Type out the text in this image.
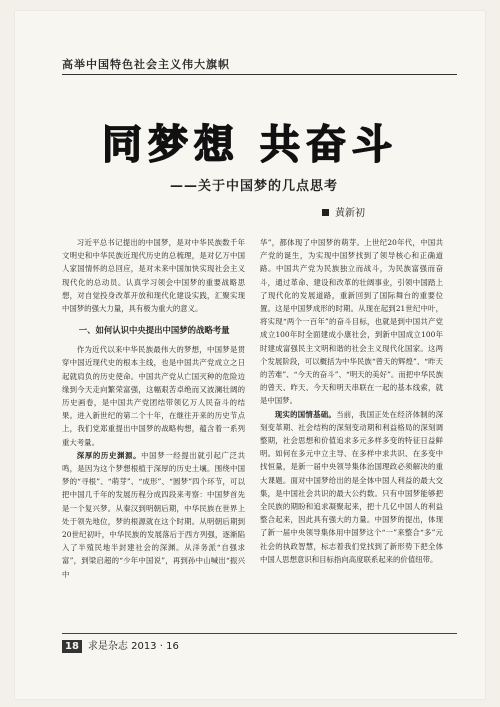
高举中国特色社会主义伟大旗帜
同梦想 共奋斗
——关于中国梦的几点思考
黄新初

习近平总书记提出的中国梦，是对中华民族数千年文明史和中华民族近现代历史的总梳理，是对亿万中国人家国情怀的总回应，是对未来中国加快实现社会主义现代化的总动员。认真学习领会中国梦的重要战略思想，对自觉投身改革开放和现代化建设实践，汇聚实现中国梦的强大力量，具有极为重大的意义。

一、如何认识中央提出中国梦的战略考量

作为近代以来中华民族最伟大的梦想，中国梦是贯穿中国近现代史的根本主线，也是中国共产党成立之日起就肩负的历史使命。中国共产党从亡国灭种的危险边缘到今天走向繁荣富强，这幅艰苦卓绝而又波澜壮阔的历史画卷，是中国共产党团结带领亿万人民奋斗的结果。进入新世纪的第二个十年，在继往开来的历史节点上，我们党郑重提出中国梦的战略构想，蕴含着一系列重大考量。

深厚的历史渊源。中国梦一经提出就引起广泛共鸣，是因为这个梦想根植于深厚的历史土壤。围绕中国梦的“寻根”、“萌芽”、“成形”、“圆梦”四个环节，可以把中国几千年的发展历程分成四段来考察：中国梦首先是一个复兴梦。从秦汉到明朝后期，中华民族在世界上处于领先地位，梦的根源就在这个时期。从明朝后期到20世纪初叶，中华民族的发展落后于西方列强，逐渐陷入了半殖民地半封建社会的深渊。从洋务派“自强求富”，到梁启超的“少年中国说”，再到孙中山喊出“振兴中

华”，都体现了中国梦的萌芽。上世纪20年代，中国共产党的诞生，为实现中国梦找到了领导核心和正确道路。中国共产党为民族独立而战斗，为民族富强而奋斗，通过革命、建设和改革的壮阔事业，引领中国踏上了现代化的发展道路，重新回到了国际舞台的重要位置。这是中国梦成形的时期。从现在起到21世纪中叶，将实现“两个一百年”的奋斗目标，也就是到中国共产党成立100年时全面建成小康社会，到新中国成立100年时建成富强民主文明和谐的社会主义现代化国家。这两个发展阶段，可以概括为中华民族“曾天的辉煌”、“昨天的苦难”、“今天的奋斗”、“明天的美好”。而把中华民族的曾天、昨天、今天和明天串联在一起的基本线索，就是中国梦。

现实的国情基础。当前，我国正处在经济体制的深刻变革期、社会结构的深刻变动期和利益格局的深刻调整期，社会思想和价值追求多元多样多变的特征日益鲜明。如何在多元中立主导、在多样中求共识、在多变中找恒量，是新一届中央领导集体治国理政必须解决的重大课题。面对中国梦给出的是全体中国人利益的最大交集，是中国社会共识的最大公约数。只有中国梦能够把全民族的期盼和追求凝聚起来，把十几亿中国人的利益整合起来，因此具有强大的力量。中国梦的提出，体现了新一届中央领导集体用中国梦这个“一”来整合“多”元社会的执政智慧，标志着我们党找到了新形势下把全体中国人思想意识和目标指向高度联系起来的价值纽带。

18 求是杂志 2013 · 16
